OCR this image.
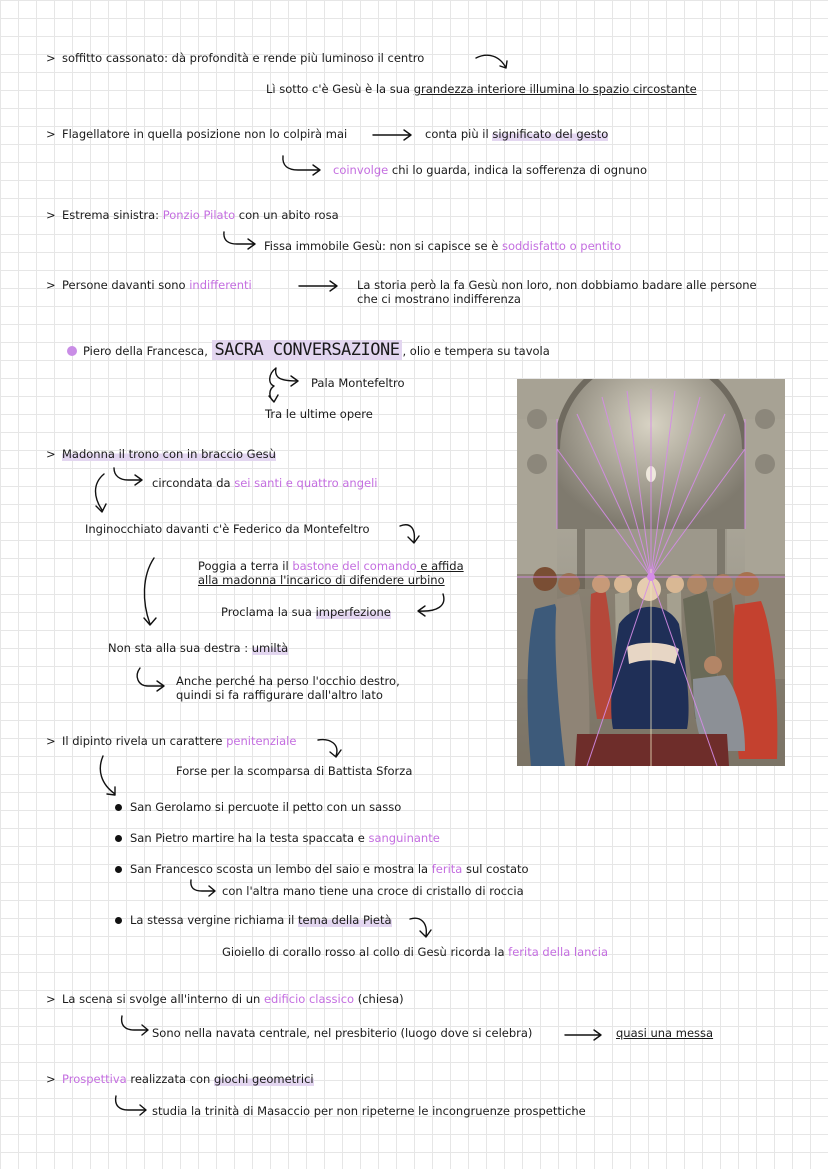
> soffitto cassonato: dà profondità e rende più luminoso il centro
Lì sotto c'è Gesù è la sua grandezza interiore illumina lo spazio circostante
> Flagellatore in quella posizione non lo colpirà mai	conta più il significato del gesto
coinvolge chi lo guarda, indica la sofferenza di ognuno
> Estrema sinistra: Ponzio Pilato con un abito rosa
Fissa immobile Gesù: non si capisce se è soddisfatto o pentito
> Persone davanti sono indifferenti	La storia però la fa Gesù non loro, non dobbiamo badare alle persone
che ci mostrano indifferenza
Piero della Francesca, SACRA CONVERSAZIONE , olio e tempera su tavola
Pala Montefeltro
Tra le ultime opere
> Madonna il trono con in braccio Gesù
circondata da sei santi e quattro angeli
Inginocchiato davanti c'è Federico da Montefeltro
Poggia a terra il bastone del comando e affida
alla madonna l'incarico di difendere urbino
Proclama la sua imperfezione
Non sta alla sua destra : umiltà
Anche perché ha perso l'occhio destro,
quindi si fa raffigurare dall'altro lato
> Il dipinto rivela un carattere penitenziale
Forse per la scomparsa di Battista Sforza
San Gerolamo si percuote il petto con un sasso
San Pietro martire ha la testa spaccata e sanguinante
San Francesco scosta un lembo del saio e mostra la ferita sul costato
con l'altra mano tiene una croce di cristallo di roccia
La stessa vergine richiama il tema della Pietà
Gioiello di corallo rosso al collo di Gesù ricorda la ferita della lancia
> La scena si svolge all'interno di un edificio classico (chiesa)
Sono nella navata centrale, nel presbiterio (luogo dove si celebra)	quasi una messa
> Prospettiva realizzata con giochi geometrici
studia la trinità di Masaccio per non ripeterne le incongruenze prospettiche
